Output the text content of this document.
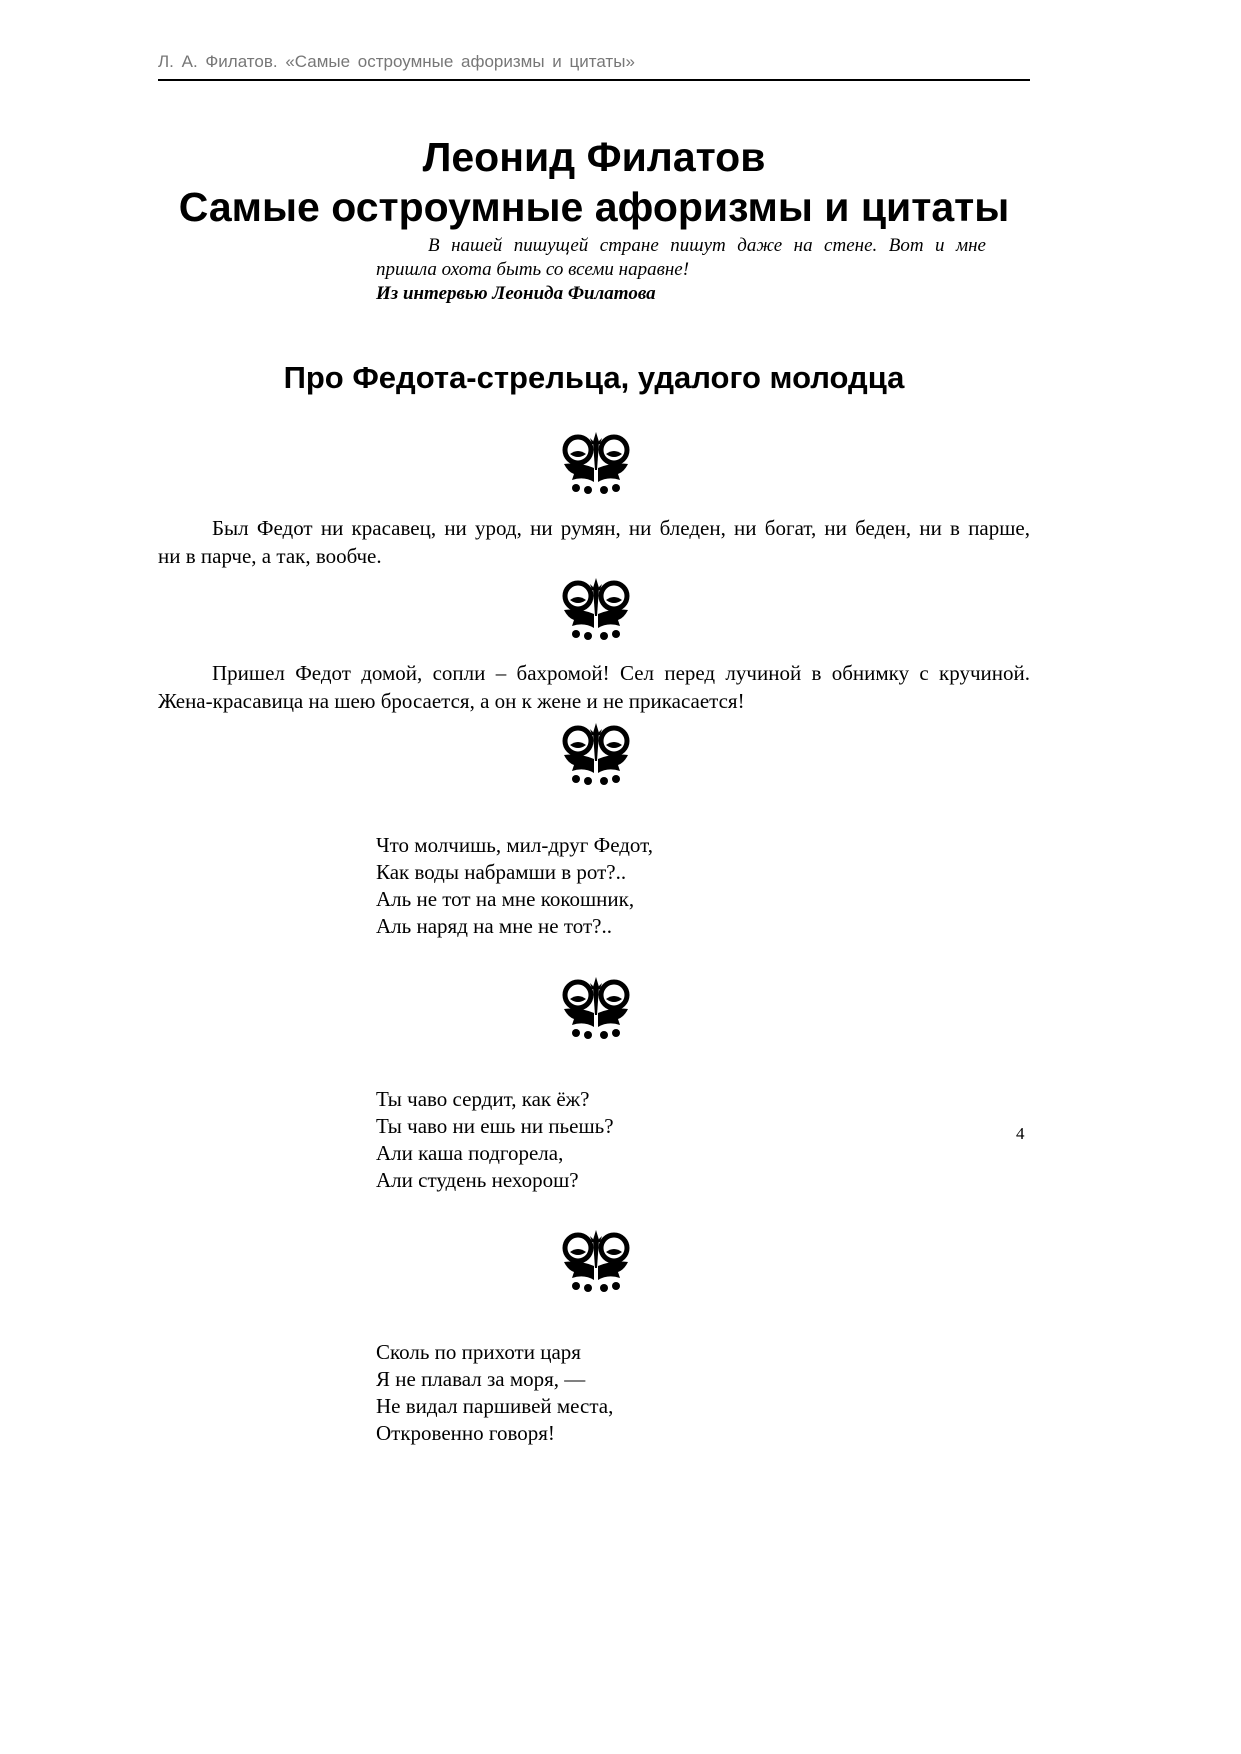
Л. А. Филатов. «Самые остроумные афоризмы и цитаты»
Леонид Филатов
Самые остроумные афоризмы и цитаты
В нашей пишущей стране пишут даже на стене. Вот и мне
пришла охота быть со всеми наравне!
Из интервью Леонида Филатова
Про Федота-стрельца, удалого молодца
Был Федот ни красавец, ни урод, ни румян, ни бледен, ни богат, ни беден, ни в парше,
ни в парче, а так, вообче.
Пришел Федот домой, сопли – бахромой! Сел перед лучиной в обнимку с кручиной.
Жена-красавица на шею бросается, а он к жене и не прикасается!
Что молчишь, мил-друг Федот,
Как воды набрамши в рот?..
Аль не тот на мне кокошник,
Аль наряд на мне не тот?..
Ты чаво сердит, как ёж?
Ты чаво ни ешь ни пьешь?
Али каша подгорела,
Али студень нехорош?
Сколь по прихоти царя
Я не плавал за моря, —
Не видал паршивей места,
Откровенно говоря!
4
